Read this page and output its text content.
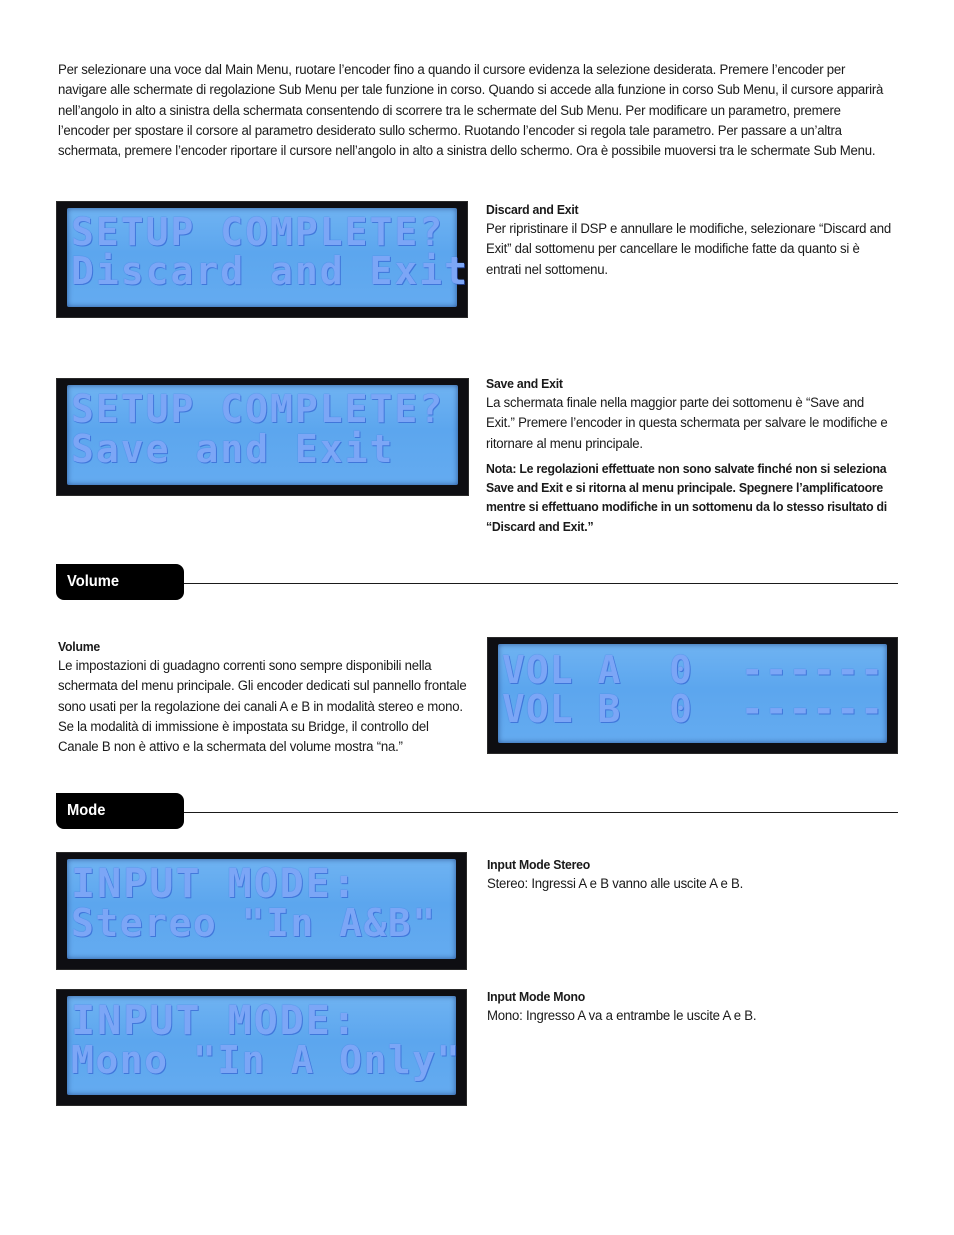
Per selezionare una voce dal Main Menu, ruotare l’encoder fino a quando il cursore evidenza la selezione desiderata. Premere l’encoder per navigare alle schermate di regolazione Sub Menu per tale funzione in corso. Quando si accede alla funzione in corso Sub Menu, il cursore apparirà nell’angolo in alto a sinistra della schermata consentendo di scorrere tra le schermate del Sub Menu. Per modificare un parametro, premere l’encoder per spostare il corsore al parametro desiderato sullo schermo. Ruotando l’encoder si regola tale parametro. Per passare a un’altra schermata, premere l’encoder riportare il cursore nell’angolo in alto a sinistra dello schermo. Ora è possibile muoversi tra le schermate Sub Menu.
SETUP COMPLETE?
Discard and Exit
Discard and Exit
Per ripristinare il DSP e annullare le modifiche, selezionare “Discard and Exit” dal sottomenu per cancellare le modifiche fatte da quanto si è entrati nel sottomenu.
SETUP COMPLETE?
Save and Exit
Save and Exit
La schermata finale nella maggior parte dei sottomenu è “Save and Exit.” Premere l’encoder in questa schermata per salvare le modifiche e ritornare al menu principale.
Nota: Le regolazioni effettuate non sono salvate finché non si seleziona Save and Exit e si ritorna al menu principale. Spegnere l’amplificatoore mentre si effettuano modifiche in un sottomenu da lo stesso risultato di “Discard and Exit.”
Volume
Volume
Le impostazioni di guadagno correnti sono sempre disponibili nella schermata del menu principale. Gli encoder dedicati sul pannello frontale sono usati per la regolazione dei canali A e B in modalità stereo e mono. Se la modalità di immissione è impostata su Bridge, il controllo del Canale B non è attivo e la schermata del volume mostra “na.”
VOL A  0  ------
VOL B  0  ------
Mode
INPUT MODE:
Stereo "In A&B"
Input Mode Stereo
Stereo: Ingressi A e B vanno alle uscite A e B.
INPUT MODE:
Mono "In A Only"
Input Mode Mono
Mono: Ingresso A va a entrambe le uscite A e B.
